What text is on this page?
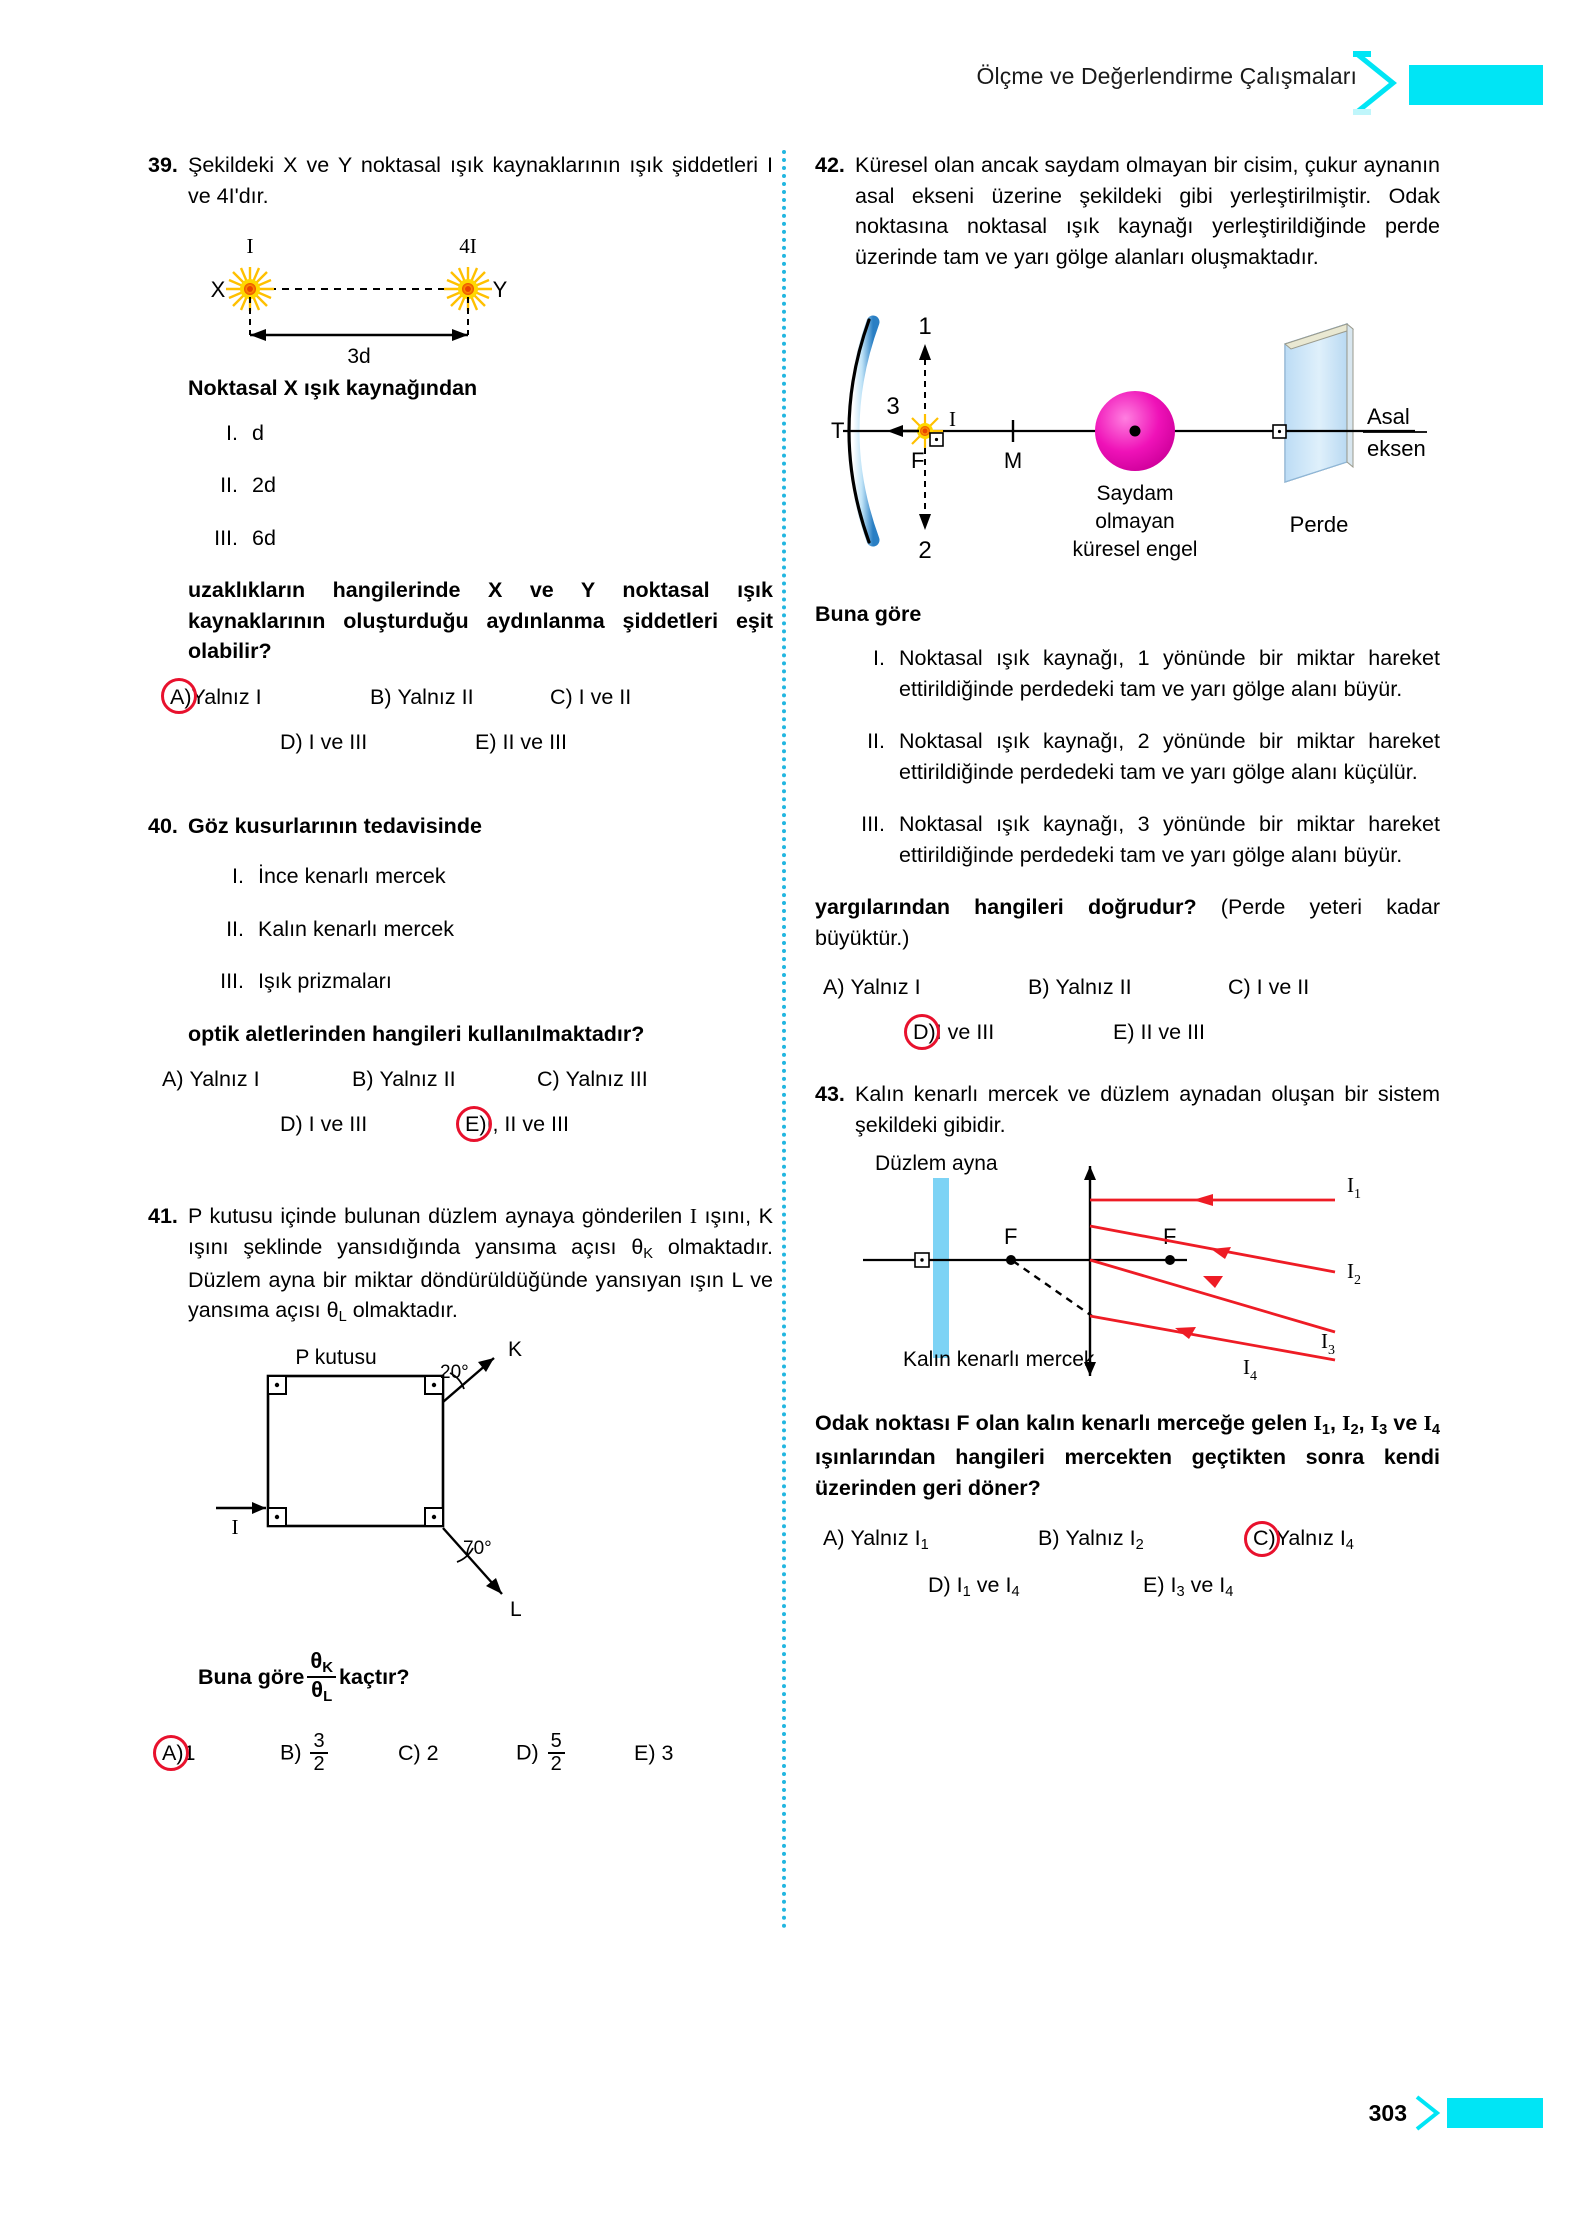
Ölçme ve Değerlendirme Çalışmaları
39. Şekildeki X ve Y noktasal ışık kaynaklarının ışık şiddetleri I ve 4I'dır.
I	4I
X	Y
3d
Noktasal X ışık kaynağından
I. d
II. 2d
III. 6d
uzaklıkların hangilerinde X ve Y noktasal ışık kaynaklarının oluşturduğu aydınlanma şiddetleri eşit olabilir?
A)Yalnız I	B) Yalnız II	C) I ve II
D) I ve III	E) II ve III
40. Göz kusurlarının tedavisinde
I. İnce kenarlı mercek
II. Kalın kenarlı mercek
III. Işık prizmaları
optik aletlerinden hangileri kullanılmaktadır?
A) Yalnız I	B) Yalnız II	C) Yalnız III
D) I ve III	E)I, II ve III
41. P kutusu içinde bulunan düzlem aynaya gönderilen I ışını, K ışını şeklinde yansıdığında yansıma açısı $\theta_K$ olmaktadır. Düzlem ayna bir miktar döndürüldüğünde yansıyan ışın L ve yansıma açısı $\theta_L$ olmaktadır.
P kutusu
I
K
20°
L
70°
Buna göre $\frac{\theta_K}{\theta_L}$ kaçtır?
A)1	$B) \frac{3}{2}$	C) 2	$D) \frac{5}{2}$	E) 3
42. Küresel olan ancak saydam olmayan bir cisim, çukur aynanın asal ekseni üzerine şekildeki gibi yerleştirilmiştir. Odak noktasına noktasal ışık kaynağı yerleştirildiğinde perde üzerinde tam ve yarı gölge alanları oluşmaktadır.
T
F
I
1
2
3
M
Saydam
olmayan
küresel engel
Asal
eksen
Perde
Buna göre
I. Noktasal ışık kaynağı, 1 yönünde bir miktar hareket ettirildiğinde perdedeki tam ve yarı gölge alanı büyür.
II. Noktasal ışık kaynağı, 2 yönünde bir miktar hareket ettirildiğinde perdedeki tam ve yarı gölge alanı küçülür.
III. Noktasal ışık kaynağı, 3 yönünde bir miktar hareket ettirildiğinde perdedeki tam ve yarı gölge alanı büyür.
yargılarından hangileri doğrudur? (Perde yeteri kadar büyüktür.)
A) Yalnız I	B) Yalnız II	C) I ve II
D)I ve III	E) II ve III
43. Kalın kenarlı mercek ve düzlem aynadan oluşan bir sistem şekildeki gibidir.
Düzlem ayna
F	F
$I_1$
$I_2$
$I_3$
$I_4$
Kalın kenarlı mercek
Odak noktası F olan kalın kenarlı merceğe gelen $I_1$, $I_2$, $I_3$ ve $I_4$ ışınlarından hangileri mercekten geçtikten sonra kendi üzerinden geri döner?
A) Yalnız $I_1$	B) Yalnız $I_2$	C)Yalnız $I_4$
D) $I_1$ ve $I_4$	E) $I_3$ ve $I_4$
303
